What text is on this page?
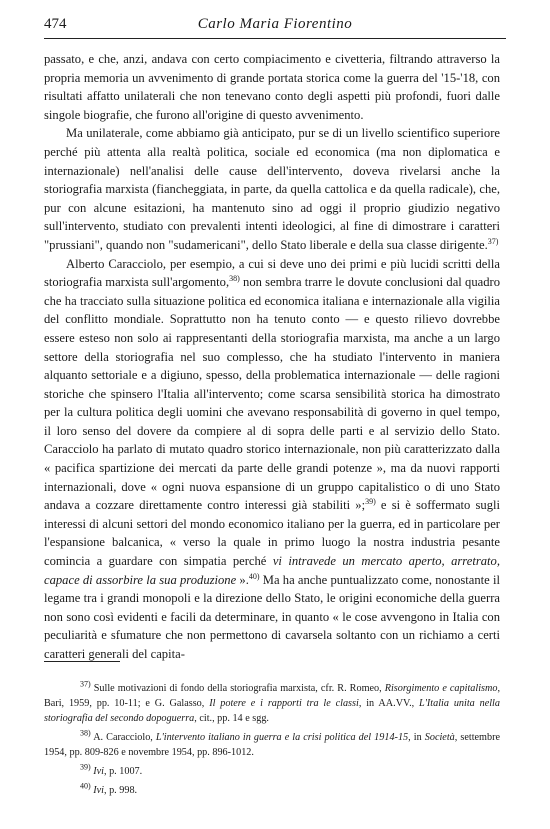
474	Carlo Maria Fiorentino

passato, e che, anzi, andava con certo compiacimento e civetteria, filtrando attraverso la propria memoria un avvenimento di grande portata storica come la guerra del '15-'18, con risultati affatto unilaterali che non tenevano conto degli aspetti più profondi, fuori dalle singole biografie, che furono all'origine di questo avvenimento.

Ma unilaterale, come abbiamo già anticipato, pur se di un livello scientifico superiore perché più attenta alla realtà politica, sociale ed economica (ma non diplomatica e internazionale) nell'analisi delle cause dell'intervento, doveva rivelarsi anche la storiografia marxista (fiancheggiata, in parte, da quella cattolica e da quella radicale), che, pur con alcune esitazioni, ha mantenuto sino ad oggi il proprio giudizio negativo sull'intervento, studiato con prevalenti intenti ideologici, al fine di dimostrare i caratteri "prussiani", quando non "sudamericani", dello Stato liberale e della sua classe dirigente.$^{37)}$

Alberto Caracciolo, per esempio, a cui si deve uno dei primi e più lucidi scritti della storiografia marxista sull'argomento,$^{38)}$ non sembra trarre le dovute conclusioni dal quadro che ha tracciato sulla situazione politica ed economica italiana e internazionale alla vigilia del conflitto mondiale. Soprattutto non ha tenuto conto — e questo rilievo dovrebbe essere esteso non solo ai rappresentanti della storiografia marxista, ma anche a un largo settore della storiografia nel suo complesso, che ha studiato l'intervento in maniera alquanto settoriale e a digiuno, spesso, della problematica internazionale — delle ragioni storiche che spinsero l'Italia all'intervento; come scarsa sensibilità storica ha dimostrato per la cultura politica degli uomini che avevano responsabilità di governo in quel tempo, il loro senso del dovere da compiere al di sopra delle parti e al servizio dello Stato. Caracciolo ha parlato di mutato quadro storico internazionale, non più caratterizzato dalla « pacifica spartizione dei mercati da parte delle grandi potenze », ma da nuovi rapporti internazionali, dove « ogni nuova espansione di un gruppo capitalistico o di uno Stato andava a cozzare direttamente contro interessi già stabiliti »;$^{39)}$ e si è soffermato sugli interessi di alcuni settori del mondo economico italiano per la guerra, ed in particolare per l'espansione balcanica, « verso la quale in primo luogo la nostra industria pesante comincia a guardare con simpatia perché vi intravede un mercato aperto, arretrato, capace di assorbire la sua produzione ».$^{40)}$ Ma ha anche puntualizzato come, nonostante il legame tra i grandi monopoli e la direzione dello Stato, le origini economiche della guerra non sono così evidenti e facili da determinare, in quanto « le cose avvengono in Italia con peculiarità e sfumature che non permettono di cavarsela soltanto con un richiamo a certi caratteri generali del capita-

$^{37)}$ Sulle motivazioni di fondo della storiografia marxista, cfr. R. Romeo, Risorgimento e capitalismo, Bari, 1959, pp. 10-11; e G. Galasso, Il potere e i rapporti tra le classi, in AA.VV., L'Italia unita nella storiografia del secondo dopoguerra, cit., pp. 14 e sgg.

$^{38)}$ A. Caracciolo, L'intervento italiano in guerra e la crisi politica del 1914-15, in Società, settembre 1954, pp. 809-826 e novembre 1954, pp. 896-1012.

$^{39)}$ Ivi, p. 1007.

$^{40)}$ Ivi, p. 998.
